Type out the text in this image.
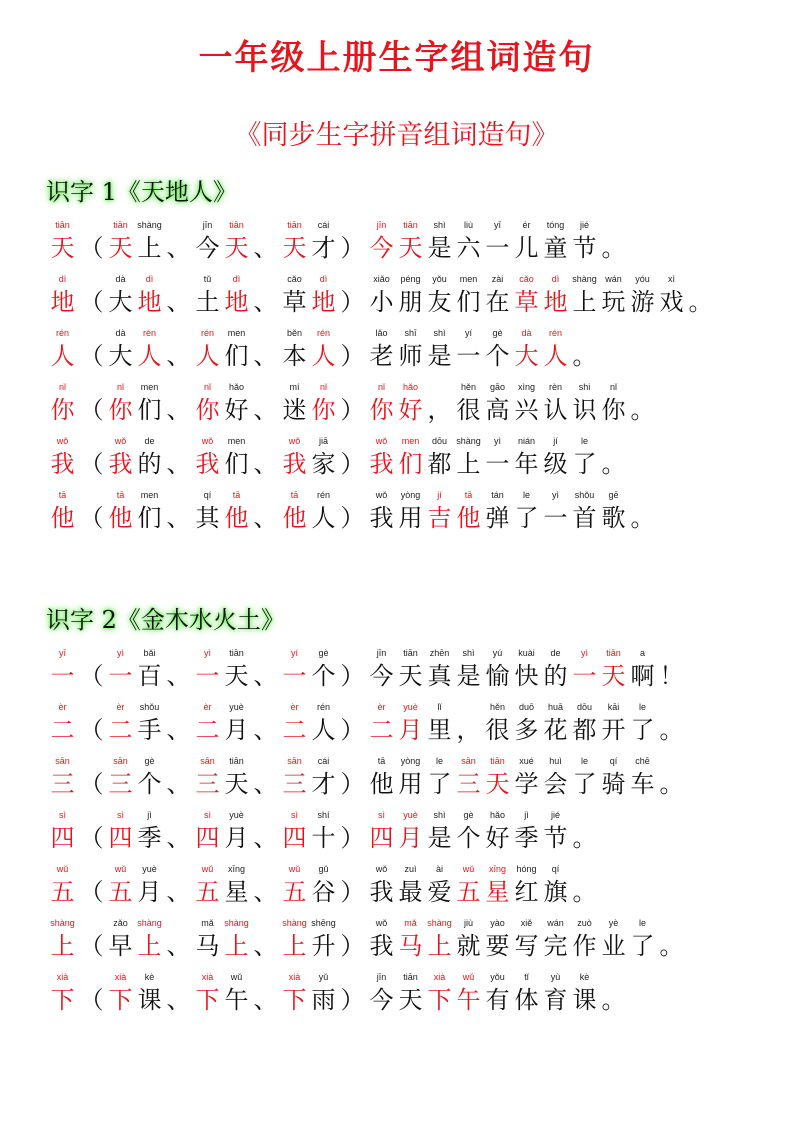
一年级上册生字组词造句
《同步生字拼音组词造句》
识字 1《天地人》
tiān
天 （
tiān
天
shàng
上 、
jīn
今
tiān
天 、
tiān
天
cái
才 ）
jīn
今
tiān
天
shì
是
liù
六
yī
一
ér
儿
tóng
童
jié
节 。
dì
地 （
dà
大
dì
地 、
tǔ
土
dì
地 、
cǎo
草
dì
地 ）
xiǎo
小
péng
朋
yǒu
友
men
们
zài
在
cǎo
草
dì
地
shàng
上
wán
玩
yóu
游
xì
戏 。
rén
人 （
dà
大
rén
人 、
rén
人
men
们 、
běn
本
rén
人 ）
lǎo
老
shī
师
shì
是
yí
一
gè
个
dà
大
rén
人 。
nǐ
你 （
nǐ
你
men
们 、
nǐ
你
hǎo
好 、
mí
迷
nǐ
你 ）
nǐ
你
hǎo
好 ，
hěn
很
gāo
高
xìng
兴
rèn
认
shi
识
nǐ
你 。
wǒ
我 （
wǒ
我
de
的 、
wǒ
我
men
们 、
wǒ
我
jiā
家 ）
wǒ
我
men
们
dōu
都
shàng
上
yì
一
nián
年
jí
级
le
了 。
tā
他 （
tā
他
men
们 、
qí
其
tā
他 、
tā
他
rén
人 ）
wǒ
我
yòng
用
jí
吉
tā
他
tán
弹
le
了
yì
一
shǒu
首
gē
歌 。
识字 2《金木水火土》
yī
一 （
yì
一
bǎi
百 、
yì
一
tiān
天 、
yí
一
gè
个 ）
jīn
今
tiān
天
zhēn
真
shì
是
yú
愉
kuài
快
de
的
yì
一
tiān
天
a
啊 ！
èr
二 （
èr
二
shǒu
手 、
èr
二
yuè
月 、
èr
二
rén
人 ）
èr
二
yuè
月
lǐ
里 ，
hěn
很
duō
多
huā
花
dōu
都
kāi
开
le
了 。
sān
三 （
sān
三
gè
个 、
sān
三
tiān
天 、
sān
三
cái
才 ）
tā
他
yòng
用
le
了
sān
三
tiān
天
xué
学
huì
会
le
了
qí
骑
chē
车 。
sì
四 （
sì
四
jì
季 、
sì
四
yuè
月 、
sì
四
shí
十 ）
sì
四
yuè
月
shì
是
gè
个
hǎo
好
jì
季
jié
节 。
wǔ
五 （
wǔ
五
yuè
月 、
wǔ
五
xīng
星 、
wǔ
五
gǔ
谷 ）
wǒ
我
zuì
最
ài
爱
wǔ
五
xīng
星
hóng
红
qí
旗 。
shàng
上 （
zǎo
早
shàng
上 、
mǎ
马
shàng
上 、
shàng
上
shēng
升 ）
wǒ
我
mǎ
马
shàng
上
jiù
就
yào
要
xiě
写
wán
完
zuò
作
yè
业
le
了 。
xià
下 （
xià
下
kè
课 、
xià
下
wǔ
午 、
xià
下
yǔ
雨 ）
jīn
今
tiān
天
xià
下
wǔ
午
yǒu
有
tǐ
体
yù
育
kè
课 。
